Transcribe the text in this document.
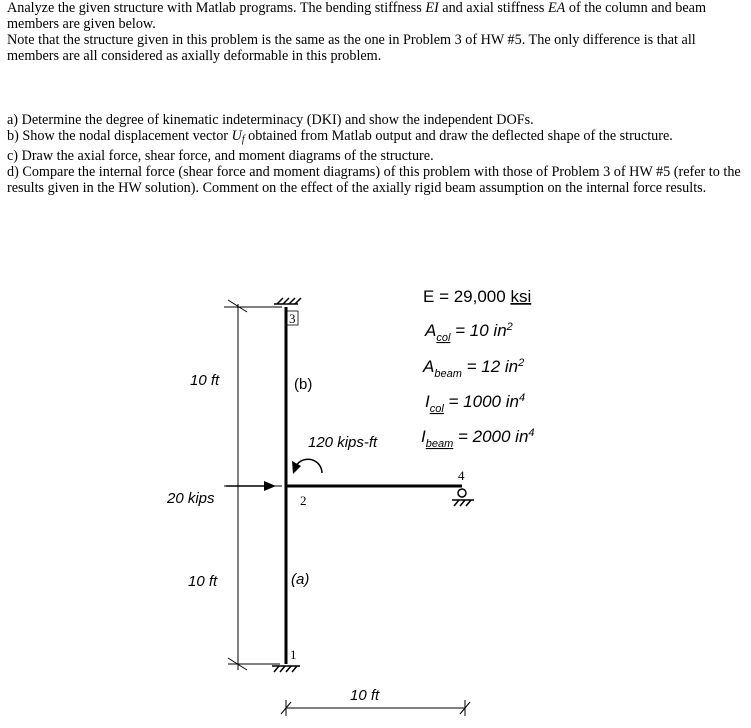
Analyze the given structure with Matlab programs. The bending stiffness EI and axial stiffness EA of the column and beam members are given below.

Note that the structure given in this problem is the same as the one in Problem 3 of HW #5. The only difference is that all members are all considered as axially deformable in this problem.

a) Determine the degree of kinematic indeterminacy (DKI) and show the independent DOFs.

b) Show the nodal displacement vector Uf obtained from Matlab output and draw the deflected shape of the structure.

c) Draw the axial force, shear force, and moment diagrams of the structure.

d) Compare the internal force (shear force and moment diagrams) of this problem with those of Problem 3 of HW #5 (refer to the results given in the HW solution). Comment on the effect of the axially rigid beam assumption on the internal force results.

10 ft
10 ft
10 ft
20 kips
120 kips-ft
(b)
(a)
3
2
1
4
E = 29,000 ksi
$A_{col} = 10$ $in^2$
$A_{beam} = 12$ $in^2$
$I_{col} = 1000$ $in^4$
$I_{beam} = 2000$ $in^4$
